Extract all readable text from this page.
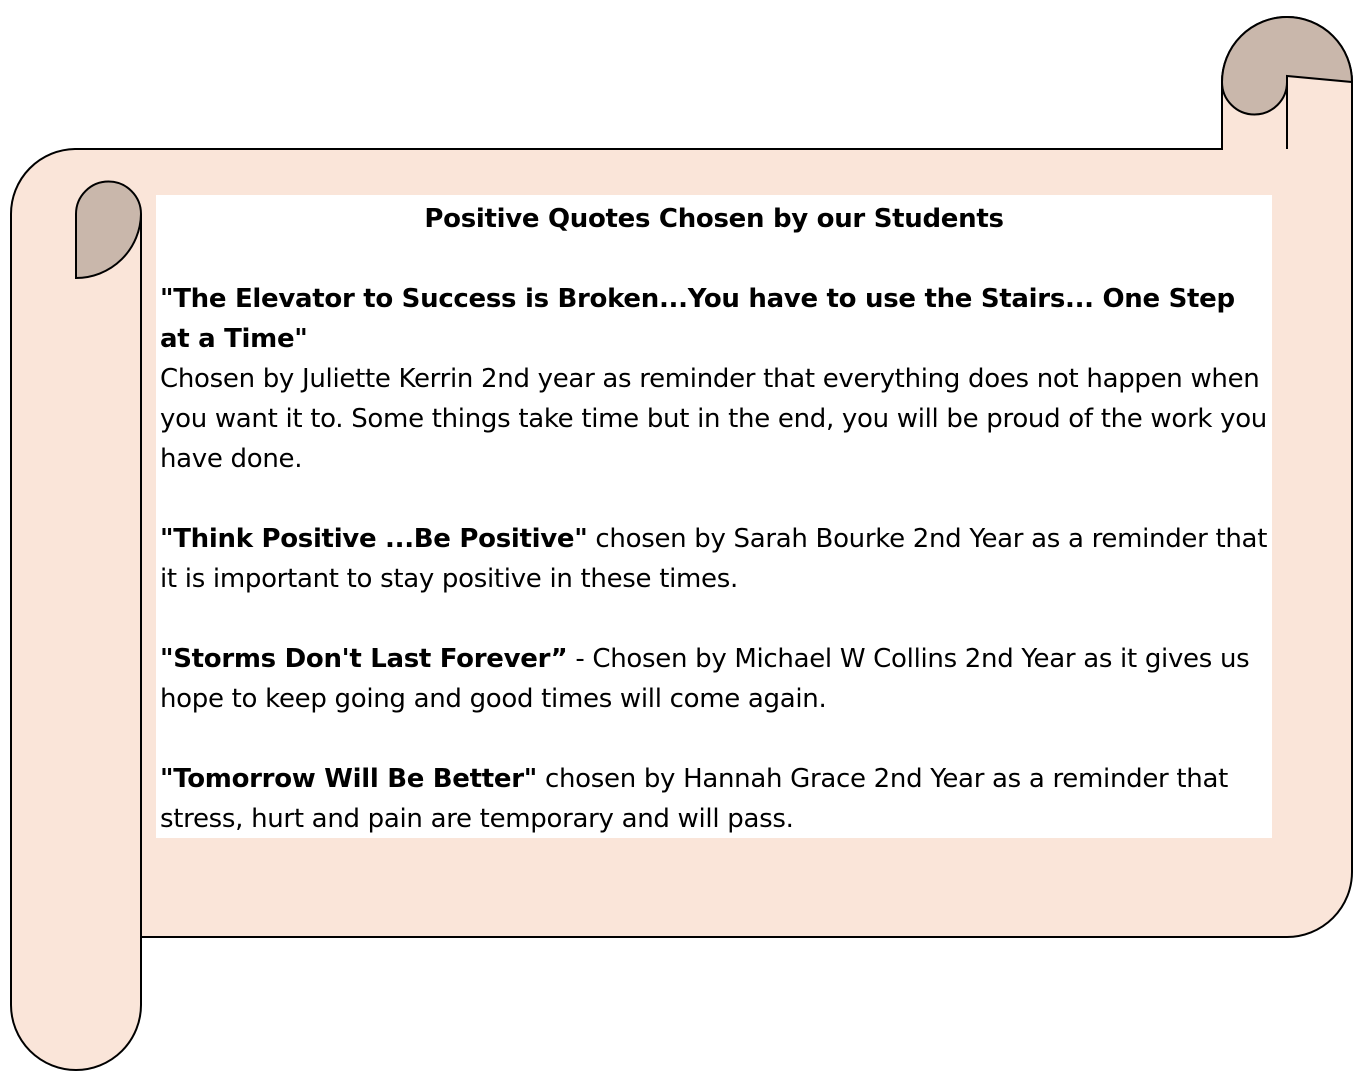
Positive Quotes Chosen by our Students

"The Elevator to Success is Broken...You have to use the Stairs... One Step at a Time"
Chosen by Juliette Kerrin 2nd year as reminder that everything does not happen when you want it to. Some things take time but in the end, you will be proud of the work you have done.

"Think Positive ...Be Positive" chosen by Sarah Bourke 2nd Year as a reminder that it is important to stay positive in these times.

"Storms Don't Last Forever” - Chosen by Michael W Collins 2nd Year as it gives us hope to keep going and good times will come again.

"Tomorrow Will Be Better" chosen by Hannah Grace 2nd Year as a reminder that stress, hurt and pain are temporary and will pass.
